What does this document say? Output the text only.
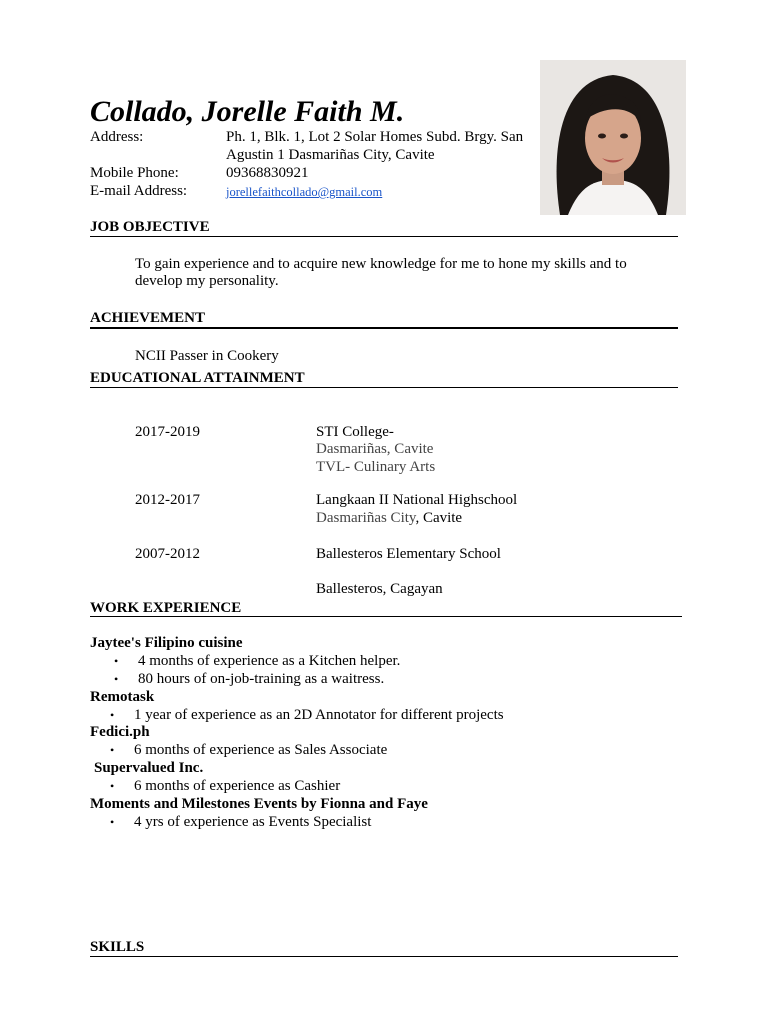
Collado, Jorelle Faith M.
Address:	Ph. 1, Blk. 1, Lot 2 Solar Homes Subd. Brgy. San
Agustin 1 Dasmariñas City, Cavite
Mobile Phone:	09368830921
E-mail Address:	jorellefaithcollado@gmail.com
JOB OBJECTIVE
To gain experience and to acquire new knowledge for me to hone my skills and to
develop my personality.
ACHIEVEMENT
NCII Passer in Cookery
EDUCATIONAL ATTAINMENT
2017-2019	STI College-
Dasmariñas, Cavite
TVL- Culinary Arts
2012-2017	Langkaan II National Highschool
Dasmariñas City, Cavite
2007-2012	Ballesteros Elementary School
Ballesteros, Cagayan
WORK EXPERIENCE
Jaytee's Filipino cuisine
• 4 months of experience as a Kitchen helper.
• 80 hours of on-job-training as a waitress.
Remotask
• 1 year of experience as an 2D Annotator for different projects
Fedici.ph
• 6 months of experience as Sales Associate
Supervalued Inc.
• 6 months of experience as Cashier
Moments and Milestones Events by Fionna and Faye
• 4 yrs of experience as Events Specialist
SKILLS
